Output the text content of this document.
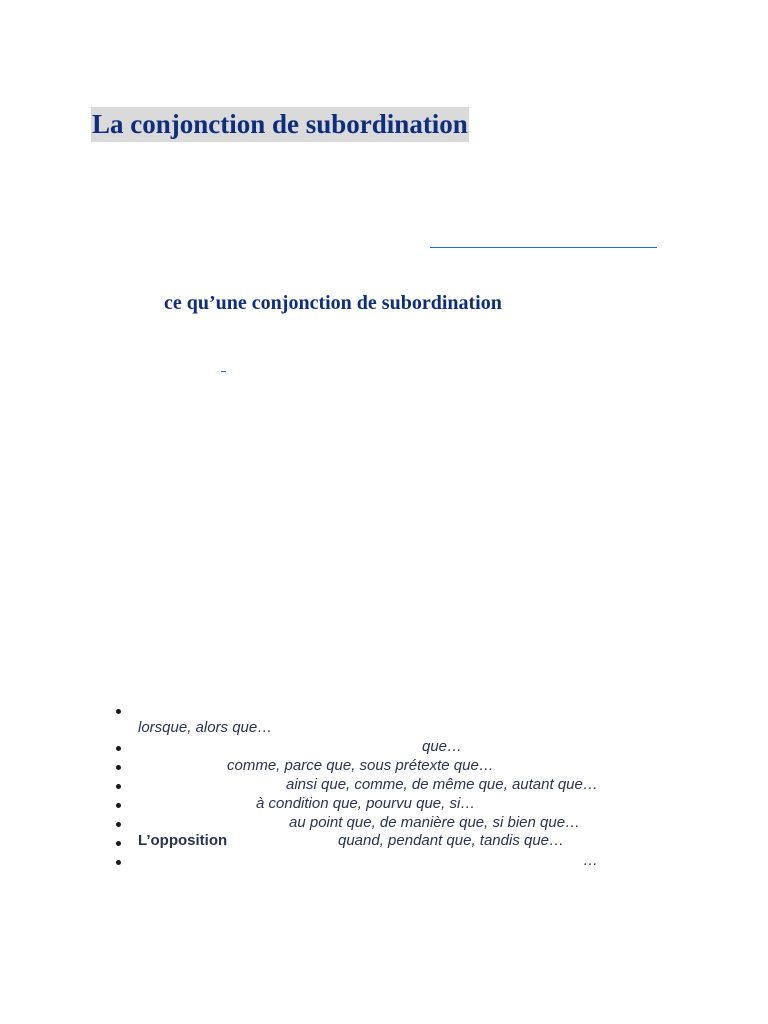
La conjonction de subordination
ce qu’une conjonction de subordination
lorsque, alors que…
que…
comme, parce que, sous prétexte que…
ainsi que, comme, de même que, autant que…
à condition que, pourvu que, si…
au point que, de manière que, si bien que…
L’opposition	quand, pendant que, tandis que…
…
